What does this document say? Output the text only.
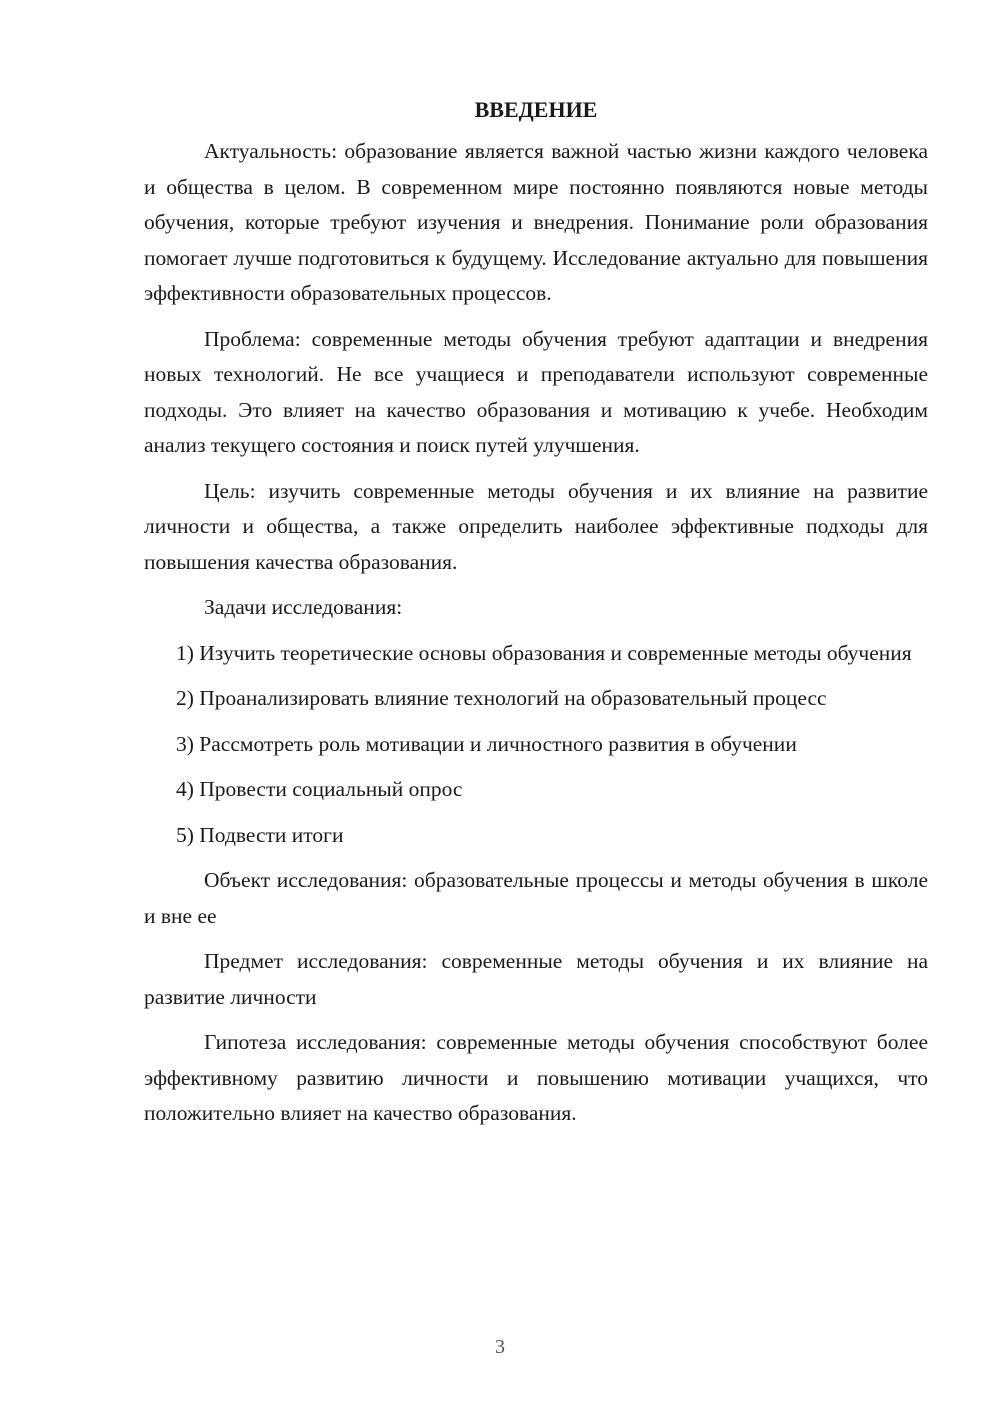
ВВЕДЕНИЕ

Актуальность: образование является важной частью жизни каждого человека и общества в целом. В современном мире постоянно появляются новые методы обучения, которые требуют изучения и внедрения. Понимание роли образования помогает лучше подготовиться к будущему. Исследование актуально для повышения эффективности образовательных процессов.

Проблема: современные методы обучения требуют адаптации и внедрения новых технологий. Не все учащиеся и преподаватели используют современные подходы. Это влияет на качество образования и мотивацию к учебе. Необходим анализ текущего состояния и поиск путей улучшения.

Цель: изучить современные методы обучения и их влияние на развитие личности и общества, а также определить наиболее эффективные подходы для повышения качества образования.

Задачи исследования:

1) Изучить теоретические основы образования и современные методы обучения

2) Проанализировать влияние технологий на образовательный процесс

3) Рассмотреть роль мотивации и личностного развития в обучении

4) Провести социальный опрос

5) Подвести итоги

Объект исследования: образовательные процессы и методы обучения в школе и вне ее

Предмет исследования: современные методы обучения и их влияние на развитие личности

Гипотеза исследования: современные методы обучения способствуют более эффективному развитию личности и повышению мотивации учащихся, что положительно влияет на качество образования.

3
